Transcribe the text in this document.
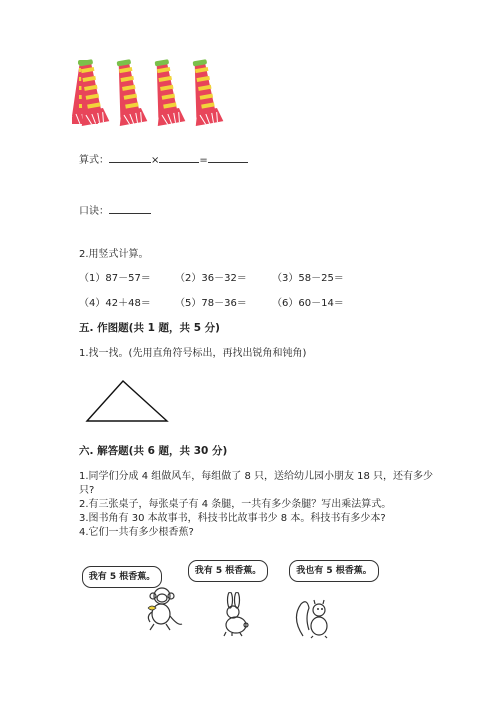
算式：	×	=
口诀：
2.用竖式计算。
（1）87－57＝ （2）36－32＝	（3）58－25＝
（4）42＋48＝ （5）78－36＝	（6）60－14＝
五. 作图题(共 1 题，共 5 分)
1.找一找。(先用直角符号标出，再找出锐角和钝角)
六. 解答题(共 6 题，共 30 分)
1.同学们分成 4 组做风车，每组做了 8 只，送给幼儿园小朋友 18 只，还有多少
只?
2.有三张桌子，每张桌子有 4 条腿，一共有多少条腿？写出乘法算式。
3.图书角有 30 本故事书，科技书比故事书少 8 本。科技书有多少本?
4.它们一共有多少根香蕉?
我有 5 根香蕉。
我有 5 根香蕉。	我也有 5 根香蕉。
